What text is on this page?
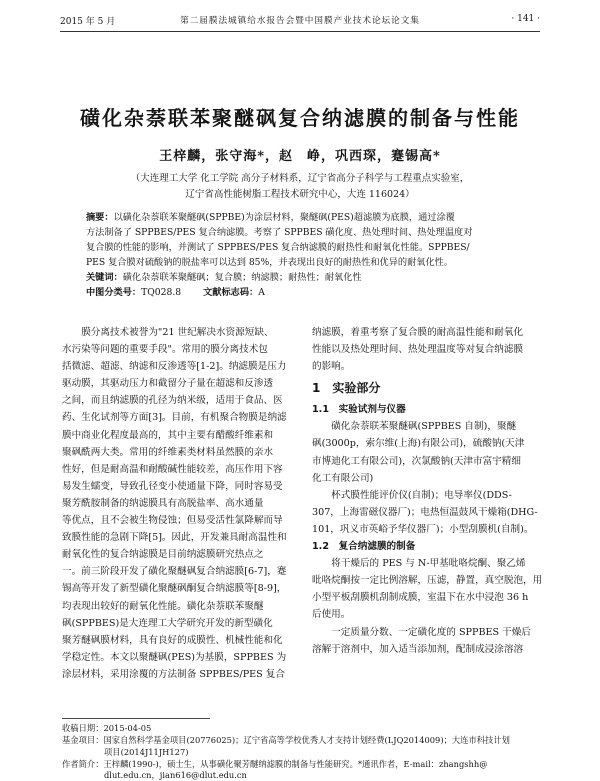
2015 年 5 月	第二届膜法城镇给水报告会暨中国膜产业技术论坛论文集	· 141 ·
磺化杂萘联苯聚醚砜复合纳滤膜的制备与性能
王梓麟，张守海*，赵　峥，巩西琛，蹇锡高*
（大连理工大学 化工学院 高分子材料系，辽宁省高分子科学与工程重点实验室，
辽宁省高性能树脂工程技术研究中心，大连 116024）
摘要：以磺化杂萘联苯聚醚砜(SPPBE)为涂层材料，聚醚砜(PES)超滤膜为底膜，通过涂覆
方法制备了 SPPBES/PES 复合纳滤膜。考察了 SPPBES 磺化度、热处理时间、热处理温度对
复合膜的性能的影响，并测试了 SPPBES/PES 复合纳滤膜的耐热性和耐氧化性能。SPPBES/
PES 复合膜对硫酸钠的脱盐率可以达到 85%，并表现出良好的耐热性和优异的耐氧化性。
关键词：磺化杂萘联苯聚醚砜；复合膜；纳滤膜；耐热性；耐氧化性
中图分类号：TQ028.8 文献标志码：A
膜分离技术被誉为"21 世纪解决水资源短缺、
水污染等问题的重要手段"。常用的膜分离技术包
括微滤、超滤、纳滤和反渗透等[1-2]。纳滤膜是压力
驱动膜，其驱动压力和截留分子量在超滤和反渗透
之间，而且纳滤膜的孔径为纳米级，适用于食品、医
药、生化试剂等方面[3]。目前，有机聚合物膜是纳滤
膜中商业化程度最高的，其中主要有醋酸纤维素和
聚砜酰两大类。常用的纤维素类材料虽然膜的亲水
性好，但是耐高温和耐酸碱性能较差，高压作用下容
易发生蠕变，导致孔径变小使通量下降，同时容易受
聚芳酰胺制备的纳滤膜具有高脱盐率、高水通量
等优点，且不会被生物侵蚀；但易受活性氯降解而导
致膜性能的急剧下降[5]。因此，开发兼具耐高温性和
耐氧化性的复合纳滤膜是目前纳滤膜研究热点之
一。前三阶段开发了磺化聚醚砜复合纳滤膜[6-7]，蹇
锡高等开发了新型磺化聚醚砜酮复合纳滤膜等[8-9]，
均表现出较好的耐氧化性能。磺化杂萘联苯聚醚
砜(SPPBES)是大连理工大学研究开发的新型磺化
聚芳醚砜膜材料，具有良好的成膜性、机械性能和化
学稳定性。本文以聚醚砜(PES)为基膜，SPPBES 为
涂层材料，采用涂覆的方法制备 SPPBES/PES 复合
纳滤膜，着重考察了复合膜的耐高温性能和耐氧化
性能以及热处理时间、热处理温度等对复合纳滤膜
的影响。
1　实验部分
1.1　实验试剂与仪器
　　磺化杂萘联苯聚醚砜(SPPBES 自制)，聚醚
砜(3000p，索尔维(上海)有限公司)，硫酸钠(天津
市博迪化工有限公司)，次氯酸钠(天津市富宇精细
化工有限公司)
　　杯式膜性能评价仪(自制)；电导率仪(DDS-
307，上海雷磁仪器厂)；电热恒温鼓风干燥箱(DHG-
101，巩义市英峪予华仪器厂)；小型刮膜机(自制)。
1.2　复合纳滤膜的制备
　　将干燥后的 PES 与 N-甲基吡咯烷酮、聚乙烯
吡咯烷酮按一定比例溶解，压滤，静置，真空脱泡，用
小型平板刮膜机刮制成膜，室温下在水中浸泡 36 h
后使用。
　　一定质量分数、一定磺化度的 SPPBES 干燥后
溶解于溶剂中，加入适当添加剂，配制成浸涂溶溶
收稿日期：2015-04-05
基金项目：国家自然科学基金项目(20776025)；辽宁省高等学校优秀人才支持计划经费(LJQ2014009)；大连市科技计划
项目(2014J11JH127)
作者简介：王梓麟(1990-)，硕士生，从事磺化聚芳醚纳滤膜的制备与性能研究。*通讯作者，E-mail：zhangshh@
dlut.edu.cn，jian616@dlut.edu.cn
